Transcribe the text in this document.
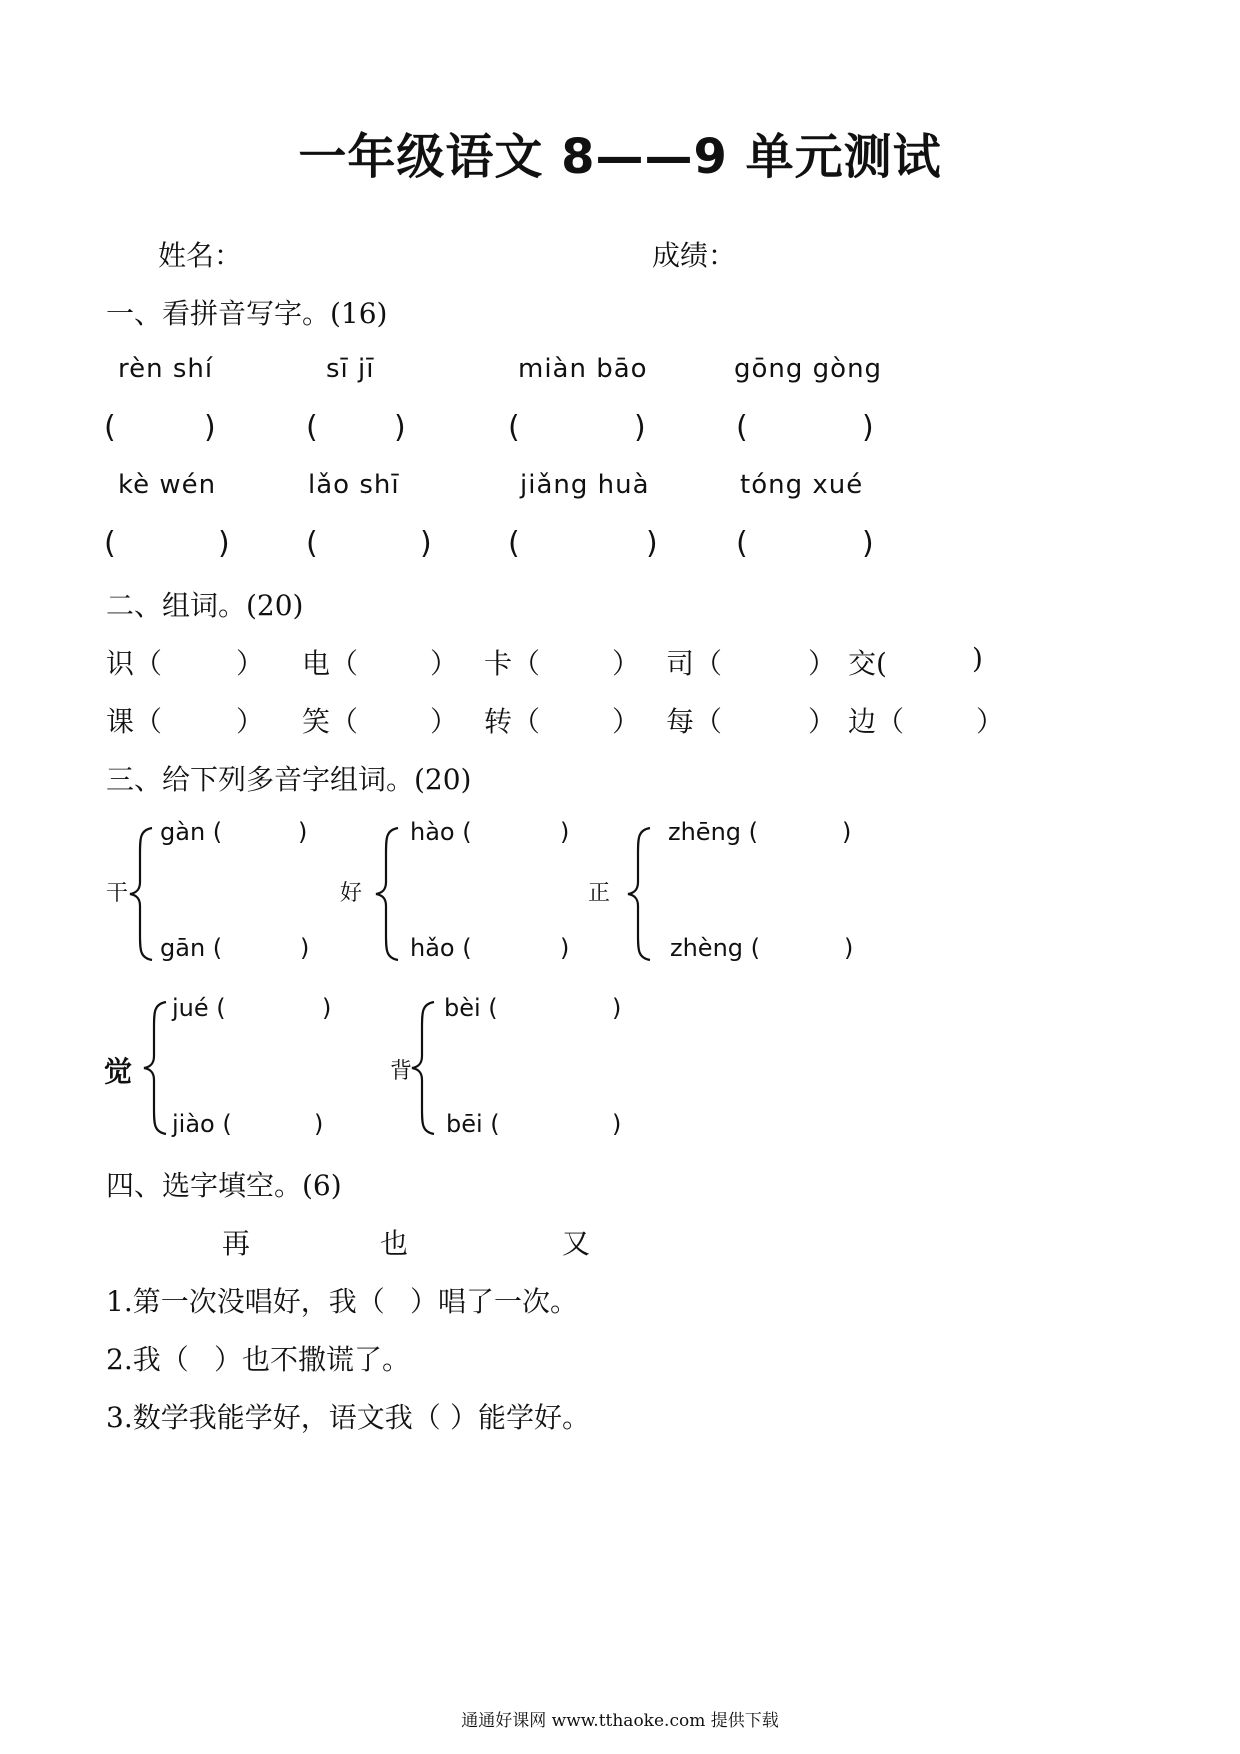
一年级语文 8——9 单元测试
姓名：	成绩：
一、看拼音写字。(16)
rèn shí	sī jī	miàn bāo	gōng gòng
(	)	(	)	(	)	(	)
kè wén	lǎo shī	jiǎng huà	tóng xué
(	)	(	)	(	)	(	)
二、组词。(20)
识（	） 电（	） 卡（	） 司（	） 交(	)
课（	） 笑（	） 转（	） 每（	） 边（	）
三、给下列多音字组词。(20)
干
gàn (	)
gān (	)
好
hào (	)
hǎo (	)
正
zhēng (	)
zhèng (	)
觉
jué (	)
jiào (	)
背
bèi (	)
bēi (	)
四、选字填空。(6)
再	也	又
1.第一次没唱好，我（ ）唱了一次。
2.我（ ）也不撒谎了。
3.数学我能学好，语文我（ ）能学好。
通通好课网 www.tthaoke.com 提供下载
